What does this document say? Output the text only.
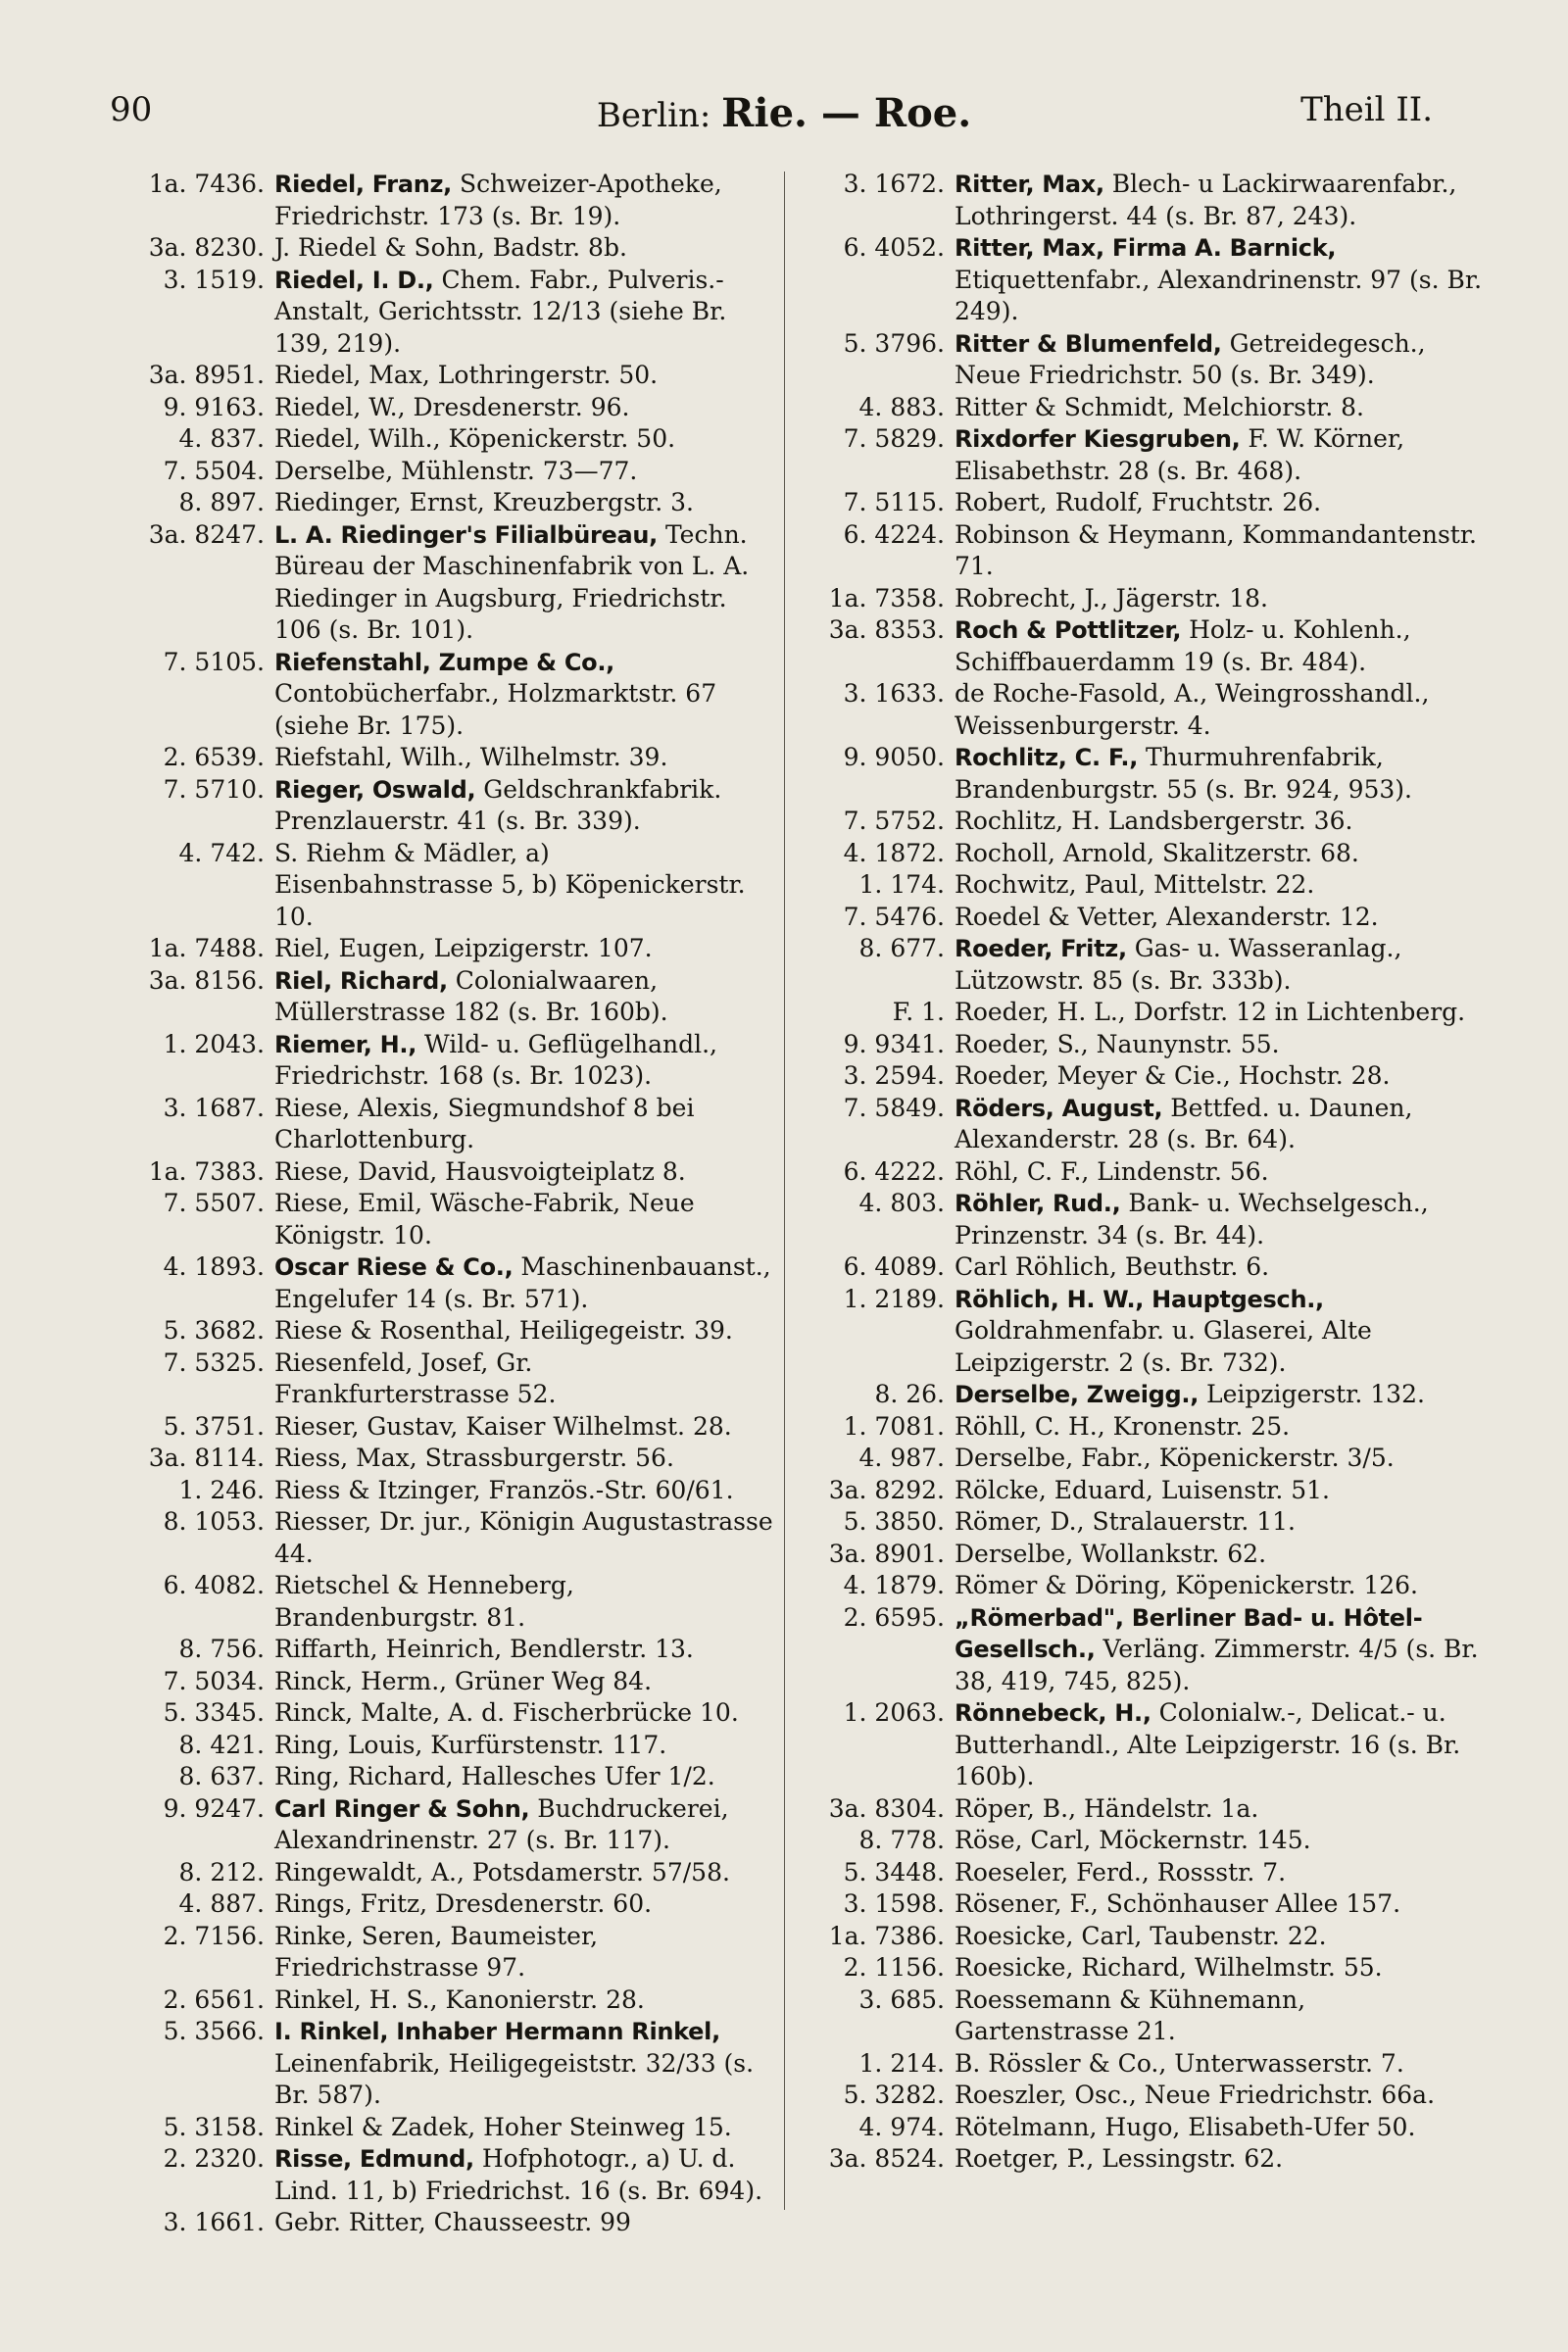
90	Berlin: Rie. — Roe.	Theil II.
1a. 7436. Riedel, Franz, Schweizer-Apotheke, Friedrichstr. 173 (s. Br. 19).
3a. 8230. J. Riedel & Sohn, Badstr. 8b.
3. 1519. Riedel, I. D., Chem. Fabr., Pulveris.-Anstalt, Gerichtsstr. 12/13 (siehe Br. 139, 219).
3a. 8951. Riedel, Max, Lothringerstr. 50.
9. 9163. Riedel, W., Dresdenerstr. 96.
4. 837. Riedel, Wilh., Köpenickerstr. 50.
7. 5504. Derselbe, Mühlenstr. 73—77.
8. 897. Riedinger, Ernst, Kreuzbergstr. 3.
3a. 8247. L. A. Riedinger's Filialbüreau, Techn. Büreau der Maschinenfabrik von L. A. Riedinger in Augsburg, Friedrichstr. 106 (s. Br. 101).
7. 5105. Riefenstahl, Zumpe & Co., Contobücherfabr., Holzmarktstr. 67 (siehe Br. 175).
2. 6539. Riefstahl, Wilh., Wilhelmstr. 39.
7. 5710. Rieger, Oswald, Geldschrankfabrik. Prenzlauerstr. 41 (s. Br. 339).
4. 742. S. Riehm & Mädler, a) Eisenbahnstrasse 5, b) Köpenickerstr. 10.
1a. 7488. Riel, Eugen, Leipzigerstr. 107.
3a. 8156. Riel, Richard, Colonialwaaren, Müllerstrasse 182 (s. Br. 160b).
1. 2043. Riemer, H., Wild- u. Geflügelhandl., Friedrichstr. 168 (s. Br. 1023).
3. 1687. Riese, Alexis, Siegmundshof 8 bei Charlottenburg.
1a. 7383. Riese, David, Hausvoigteiplatz 8.
7. 5507. Riese, Emil, Wäsche-Fabrik, Neue Königstr. 10.
4. 1893. Oscar Riese & Co., Maschinenbauanst., Engelufer 14 (s. Br. 571).
5. 3682. Riese & Rosenthal, Heiligegeistr. 39.
7. 5325. Riesenfeld, Josef, Gr. Frankfurterstrasse 52.
5. 3751. Rieser, Gustav, Kaiser Wilhelmst. 28.
3a. 8114. Riess, Max, Strassburgerstr. 56.
1. 246. Riess & Itzinger, Französ.-Str. 60/61.
8. 1053. Riesser, Dr. jur., Königin Augustastrasse 44.
6. 4082. Rietschel & Henneberg, Brandenburgstr. 81.
8. 756. Riffarth, Heinrich, Bendlerstr. 13.
7. 5034. Rinck, Herm., Grüner Weg 84.
5. 3345. Rinck, Malte, A. d. Fischerbrücke 10.
8. 421. Ring, Louis, Kurfürstenstr. 117.
8. 637. Ring, Richard, Hallesches Ufer 1/2.
9. 9247. Carl Ringer & Sohn, Buchdruckerei, Alexandrinenstr. 27 (s. Br. 117).
8. 212. Ringewaldt, A., Potsdamerstr. 57/58.
4. 887. Rings, Fritz, Dresdenerstr. 60.
2. 7156. Rinke, Seren, Baumeister, Friedrichstrasse 97.
2. 6561. Rinkel, H. S., Kanonierstr. 28.
5. 3566. I. Rinkel, Inhaber Hermann Rinkel, Leinenfabrik, Heiligegeiststr. 32/33 (s. Br. 587).
5. 3158. Rinkel & Zadek, Hoher Steinweg 15.
2. 2320. Risse, Edmund, Hofphotogr., a) U. d. Lind. 11, b) Friedrichst. 16 (s. Br. 694).
3. 1661. Gebr. Ritter, Chausseestr. 99
3. 1672. Ritter, Max, Blech- u Lackirwaarenfabr., Lothringerst. 44 (s. Br. 87, 243).
6. 4052. Ritter, Max, Firma A. Barnick, Etiquettenfabr., Alexandrinenstr. 97 (s. Br. 249).
5. 3796. Ritter & Blumenfeld, Getreidegesch., Neue Friedrichstr. 50 (s. Br. 349).
4. 883. Ritter & Schmidt, Melchiorstr. 8.
7. 5829. Rixdorfer Kiesgruben, F. W. Körner, Elisabethstr. 28 (s. Br. 468).
7. 5115. Robert, Rudolf, Fruchtstr. 26.
6. 4224. Robinson & Heymann, Kommandantenstr. 71.
1a. 7358. Robrecht, J., Jägerstr. 18.
3a. 8353. Roch & Pottlitzer, Holz- u. Kohlenh., Schiffbauerdamm 19 (s. Br. 484).
3. 1633. de Roche-Fasold, A., Weingrosshandl., Weissenburgerstr. 4.
9. 9050. Rochlitz, C. F., Thurmuhrenfabrik, Brandenburgstr. 55 (s. Br. 924, 953).
7. 5752. Rochlitz, H. Landsbergerstr. 36.
4. 1872. Rocholl, Arnold, Skalitzerstr. 68.
1. 174. Rochwitz, Paul, Mittelstr. 22.
7. 5476. Roedel & Vetter, Alexanderstr. 12.
8. 677. Roeder, Fritz, Gas- u. Wasseranlag., Lützowstr. 85 (s. Br. 333b).
F. 1. Roeder, H. L., Dorfstr. 12 in Lichtenberg.
9. 9341. Roeder, S., Naunynstr. 55.
3. 2594. Roeder, Meyer & Cie., Hochstr. 28.
7. 5849. Röders, August, Bettfed. u. Daunen, Alexanderstr. 28 (s. Br. 64).
6. 4222. Röhl, C. F., Lindenstr. 56.
4. 803. Röhler, Rud., Bank- u. Wechselgesch., Prinzenstr. 34 (s. Br. 44).
6. 4089. Carl Röhlich, Beuthstr. 6.
1. 2189. Röhlich, H. W., Hauptgesch., Goldrahmenfabr. u. Glaserei, Alte Leipzigerstr. 2 (s. Br. 732).
8. 26. Derselbe, Zweigg., Leipzigerstr. 132.
1. 7081. Röhll, C. H., Kronenstr. 25.
4. 987. Derselbe, Fabr., Köpenickerstr. 3/5.
3a. 8292. Rölcke, Eduard, Luisenstr. 51.
5. 3850. Römer, D., Stralauerstr. 11.
3a. 8901. Derselbe, Wollankstr. 62.
4. 1879. Römer & Döring, Köpenickerstr. 126.
2. 6595. „Römerbad", Berliner Bad- u. Hôtel-Gesellsch., Verläng. Zimmerstr. 4/5 (s. Br. 38, 419, 745, 825).
1. 2063. Rönnebeck, H., Colonialw.-, Delicat.- u. Butterhandl., Alte Leipzigerstr. 16 (s. Br. 160b).
3a. 8304. Röper, B., Händelstr. 1a.
8. 778. Röse, Carl, Möckernstr. 145.
5. 3448. Roeseler, Ferd., Rossstr. 7.
3. 1598. Rösener, F., Schönhauser Allee 157.
1a. 7386. Roesicke, Carl, Taubenstr. 22.
2. 1156. Roesicke, Richard, Wilhelmstr. 55.
3. 685. Roessemann & Kühnemann, Gartenstrasse 21.
1. 214. B. Rössler & Co., Unterwasserstr. 7.
5. 3282. Roeszler, Osc., Neue Friedrichstr. 66a.
4. 974. Rötelmann, Hugo, Elisabeth-Ufer 50.
3a. 8524. Roetger, P., Lessingstr. 62.
